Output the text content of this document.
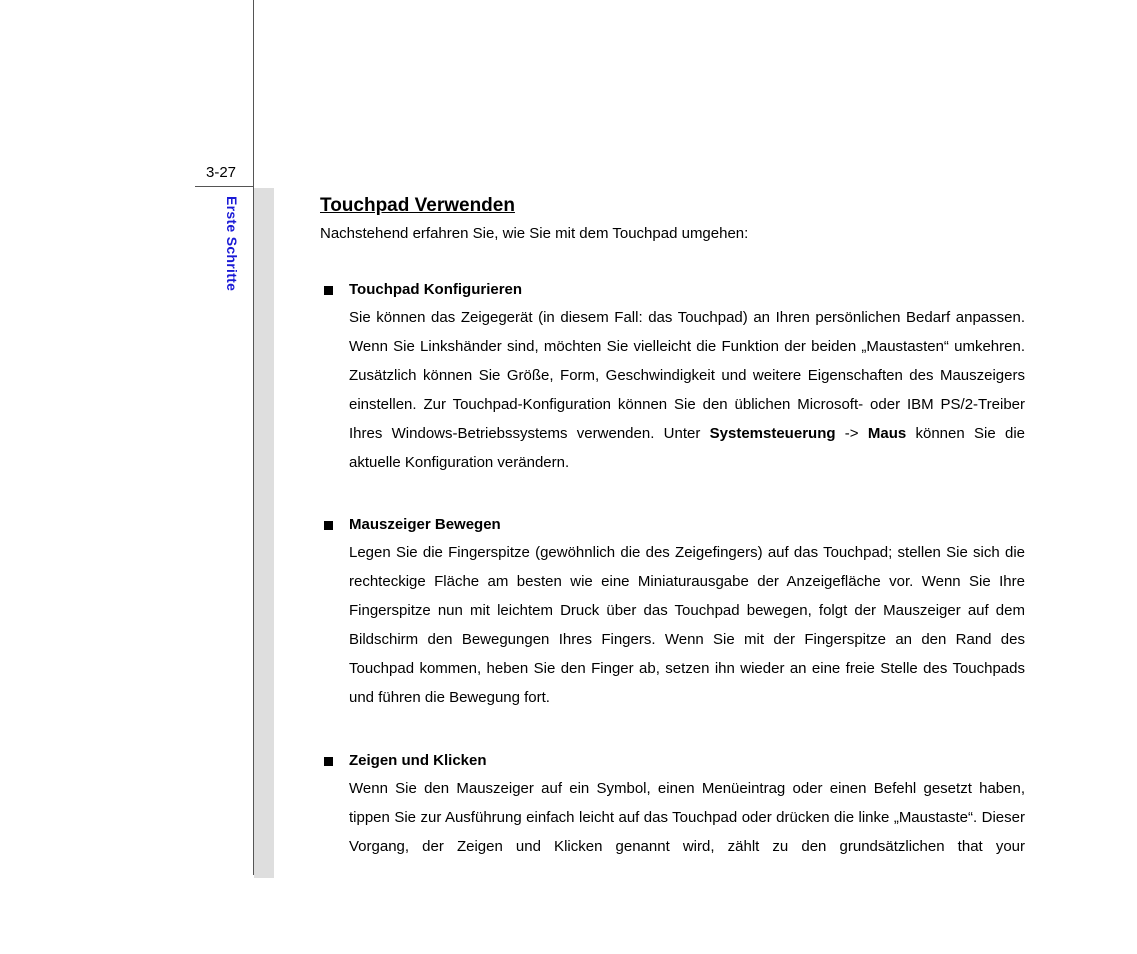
3-27
Erste Schritte	Touchpad Verwenden

Nachstehend erfahren Sie, wie Sie mit dem Touchpad umgehen:

Touchpad Konfigurieren
Sie können das Zeigegerät (in diesem Fall: das Touchpad) an Ihren persönlichen Bedarf anpassen. Wenn Sie Linkshänder sind, möchten Sie vielleicht die Funktion der beiden „Maustasten“ umkehren. Zusätzlich können Sie Größe, Form, Geschwindigkeit und weitere Eigenschaften des Mauszeigers einstellen. Zur Touchpad-Konfiguration können Sie den üblichen Microsoft- oder IBM PS/2-Treiber Ihres Windows-Betriebssystems verwenden. Unter Systemsteuerung -> Maus können Sie die aktuelle Konfiguration verändern.
Mauszeiger Bewegen
Legen Sie die Fingerspitze (gewöhnlich die des Zeigefingers) auf das Touchpad; stellen Sie sich die rechteckige Fläche am besten wie eine Miniaturausgabe der Anzeigefläche vor. Wenn Sie Ihre Fingerspitze nun mit leichtem Druck über das Touchpad bewegen, folgt der Mauszeiger auf dem Bildschirm den Bewegungen Ihres Fingers. Wenn Sie mit der Fingerspitze an den Rand des Touchpad kommen, heben Sie den Finger ab, setzen ihn wieder an eine freie Stelle des Touchpads und führen die Bewegung fort.
Zeigen und Klicken
Wenn Sie den Mauszeiger auf ein Symbol, einen Menüeintrag oder einen Befehl gesetzt haben, tippen Sie zur Ausführung einfach leicht auf das Touchpad oder drücken die linke „Maustaste“. Dieser Vorgang, der Zeigen und Klicken genannt wird, zählt zu den grundsätzlichen that your
